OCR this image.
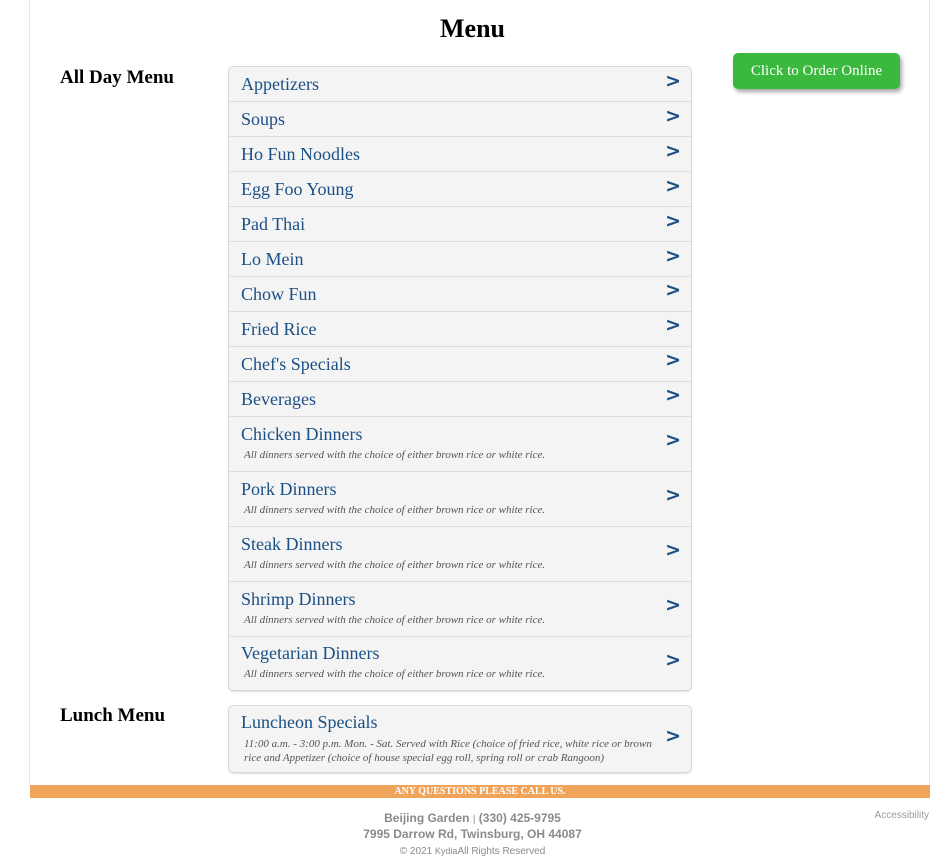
Menu
Click to Order Online
All Day Menu	Appetizers	>
Soups	>
Ho Fun Noodles	>
Egg Foo Young	>
Pad Thai	>
Lo Mein	>
Chow Fun	>
Fried Rice	>
Chef's Specials	>
Beverages	>
Chicken Dinners
All dinners served with the choice of either brown rice or white rice.
>
Pork Dinners
All dinners served with the choice of either brown rice or white rice.
>
Steak Dinners
All dinners served with the choice of either brown rice or white rice.
>
Shrimp Dinners
All dinners served with the choice of either brown rice or white rice.
>
Vegetarian Dinners
All dinners served with the choice of either brown rice or white rice.
>
Lunch Menu	Luncheon Specials
11:00 a.m. - 3:00 p.m. Mon. - Sat. Served with Rice (choice of fried rice, white rice or brown rice and Appetizer (choice of house special egg roll, spring roll or crab Rangoon)
>
ANY QUESTIONS PLEASE CALL US.
Beijing Garden | (330) 425-9795
7995 Darrow Rd, Twinsburg, OH 44087
© 2021 KydiaAll Rights Reserved
Accessibility
